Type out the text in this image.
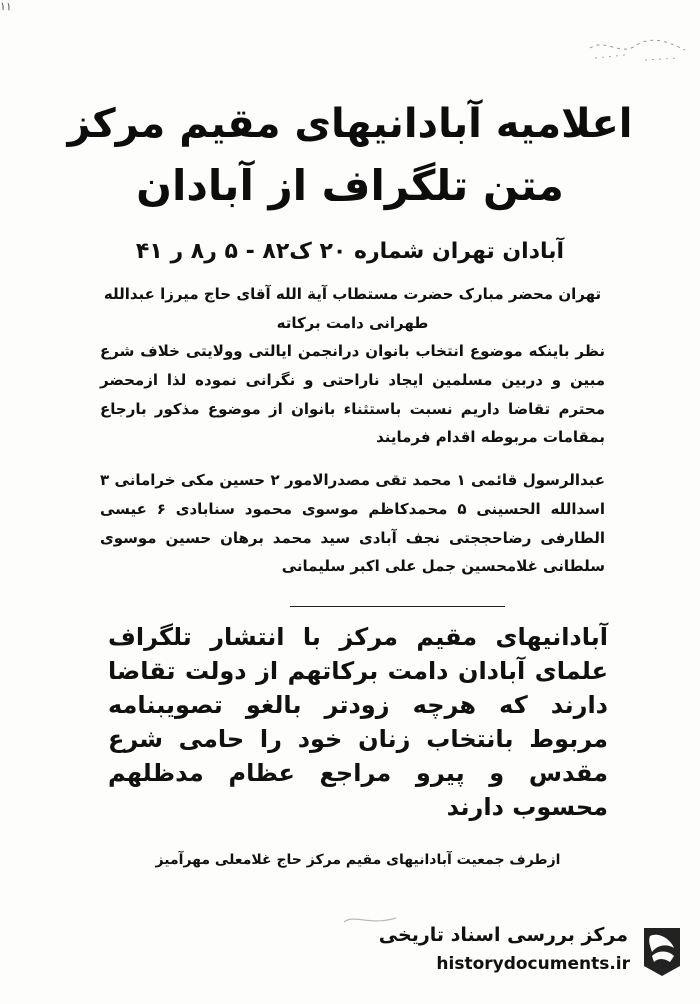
۱۱
اعلامیه آبادانیهای مقیم مرکز
متن تلگراف از آبادان
آبادان تهران شماره ۲۰ ک۸۲ - ۵ ر۸ ر ۴۱
تهران محضر مبارک حضرت مستطاب آیة الله آقای حاج میرزا عبدالله طهرانی دامت برکاته
نظر باینکه موضوع انتخاب بانوان درانجمن ایالتی وولایتی خلاف شرع مبین و دربین مسلمین ایجاد ناراحتی و نگرانی نموده لذا ازمحضر محترم تقاضا داریم نسبت باستثناء بانوان از موضوع مذکور بارجاع بمقامات مربوطه اقدام فرمایند
عبدالرسول قائمی ۱ محمد تقی مصدرالامور ۲ حسین مکی خرامانی ۳ اسدالله الحسینی ۵ محمدکاظم موسوی محمود سنابادی ۶ عیسی الطارفی رضاحججتی نجف آبادی سید محمد برهان حسین موسوی سلطانی غلامحسین جمل علی اکبر سلیمانی
آبادانیهای مقیم مرکز با انتشار تلگراف علمای آبادان دامت برکاتهم از دولت تقاضا دارند که هرچه زودتر بالغو تصویبنامه مربوط بانتخاب زنان خود را حامی شرع مقدس و پیرو مراجع عظام مدظلهم محسوب دارند
ازطرف جمعیت آبادانیهای مقیم مرکز حاج غلامعلی مهرآمیز
مرکز بررسی اسناد تاریخی
historydocuments.ir
